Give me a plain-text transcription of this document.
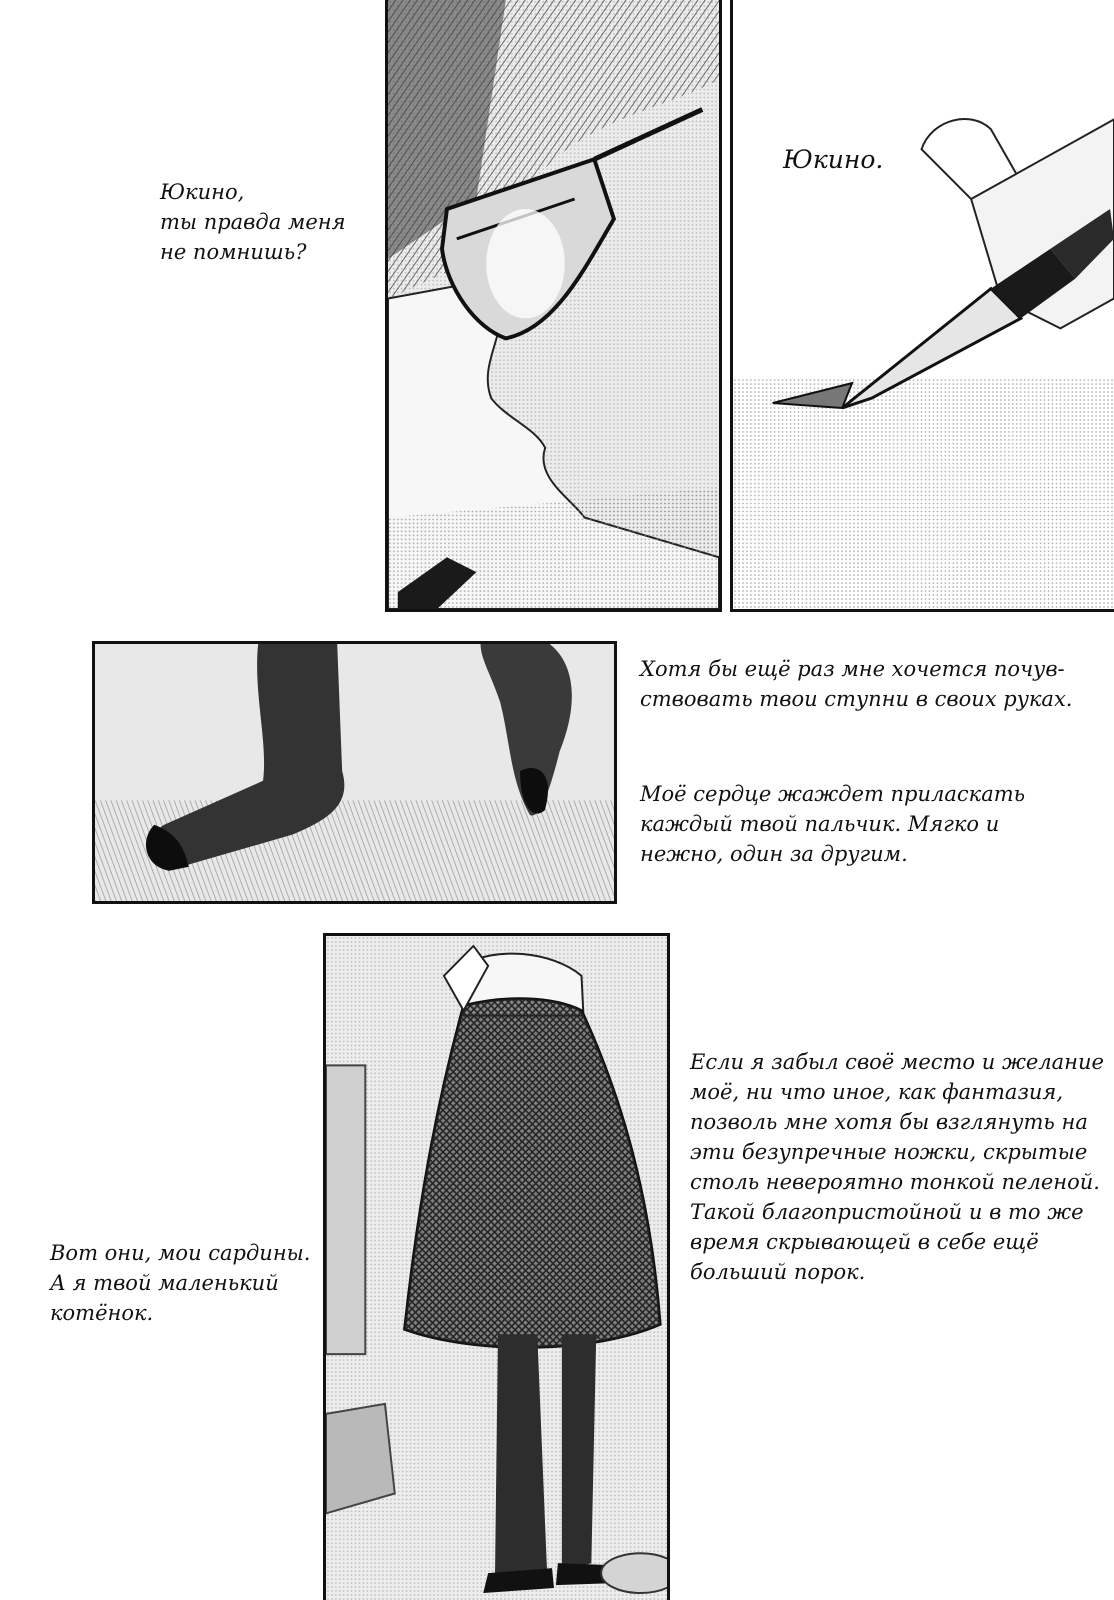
Юкино,
ты правда меня
не помнишь?
Юкино.
Хотя бы ещё раз мне хочется почув-
ствовать твои ступни в своих руках.
Моё сердце жаждет приласкать
каждый твой пальчик. Мягко и
нежно, один за другим.
Если я забыл своё место и желание
моё, ни что иное, как фантазия,
позволь мне хотя бы взглянуть на
эти безупречные ножки, скрытые
столь невероятно тонкой пеленой.
Такой благопристойной и в то же
время скрывающей в себе ещё
больший порок.
Вот они, мои сардины.
А я твой маленький
котёнок.
